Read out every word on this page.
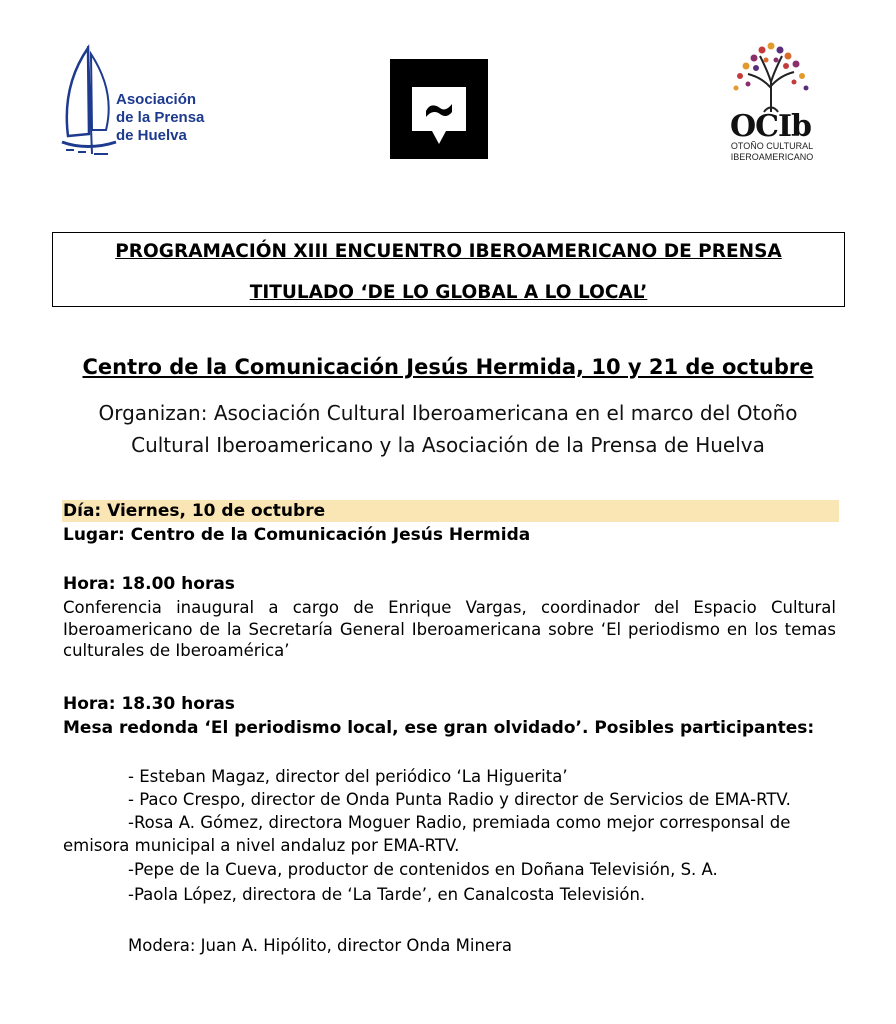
Asociación
de la Prensa
de Huelva	OCIb
OTOÑO CULTURAL
IBEROAMERICANO
PROGRAMACIÓN XIII ENCUENTRO IBEROAMERICANO DE PRENSA
TITULADO ‘DE LO GLOBAL A LO LOCAL’
Centro de la Comunicación Jesús Hermida, 10 y 21 de octubre
Organizan: Asociación Cultural Iberoamericana en el marco del Otoño
Cultural Iberoamericano y la Asociación de la Prensa de Huelva
Día: Viernes, 10 de octubre
Lugar: Centro de la Comunicación Jesús Hermida
Hora: 18.00 horas
Conferencia inaugural a cargo de Enrique Vargas, coordinador del Espacio Cultural Iberoamericano de la Secretaría General Iberoamericana sobre ‘El periodismo en los temas culturales de Iberoamérica’
Hora: 18.30 horas
Mesa redonda ‘El periodismo local, ese gran olvidado’. Posibles participantes:
- Esteban Magaz, director del periódico ‘La Higuerita’
- Paco Crespo, director de Onda Punta Radio y director de Servicios de EMA-RTV.
-Rosa A. Gómez, directora Moguer Radio, premiada como mejor corresponsal de
emisora municipal a nivel andaluz por EMA-RTV.
-Pepe de la Cueva, productor de contenidos en Doñana Televisión, S. A.
-Paola López, directora de ‘La Tarde’, en Canalcosta Televisión.
Modera: Juan A. Hipólito, director Onda Minera
